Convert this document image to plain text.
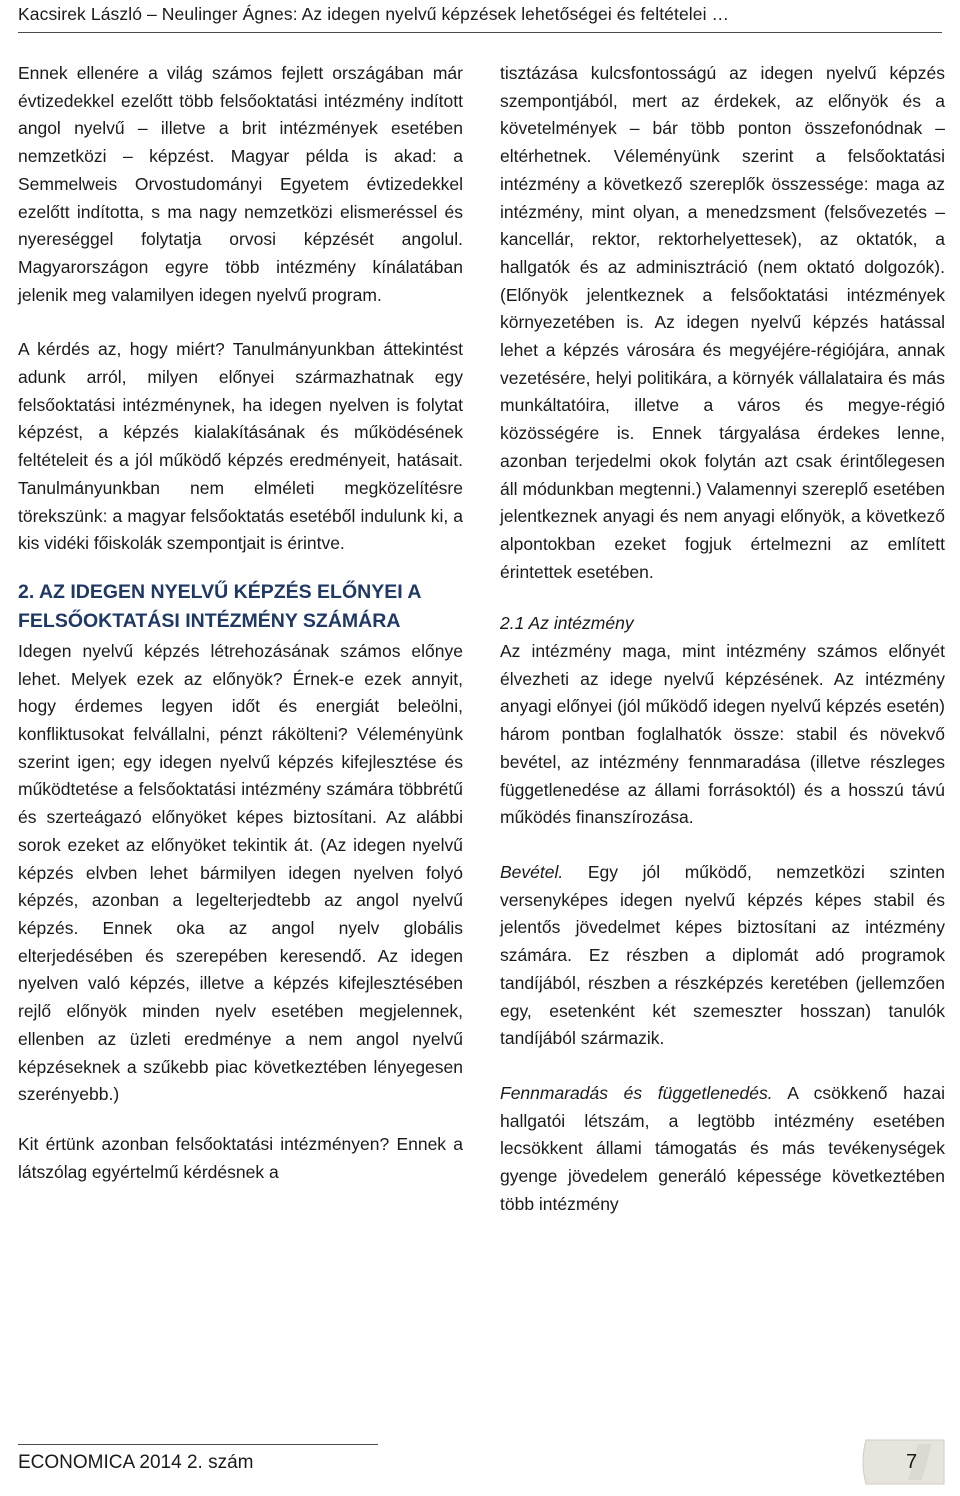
Kacsirek László – Neulinger Ágnes: Az idegen nyelvű képzések lehetőségei és feltételei …

Ennek ellenére a világ számos fejlett országában már évtizedekkel ezelőtt több felsőoktatási intézmény indított angol nyelvű – illetve a brit intézmények esetében nemzetközi – képzést. Magyar példa is akad: a Semmelweis Orvostudományi Egyetem évtizedekkel ezelőtt indította, s ma nagy nemzetközi elismeréssel és nyereséggel folytatja orvosi képzését angolul. Magyarországon egyre több intézmény kínálatában jelenik meg valamilyen idegen nyelvű program.

A kérdés az, hogy miért? Tanulmányunkban áttekintést adunk arról, milyen előnyei származhatnak egy felsőoktatási intézménynek, ha idegen nyelven is folytat képzést, a képzés kialakításának és működésének feltételeit és a jól működő képzés eredményeit, hatásait. Tanulmányunkban nem elméleti megközelítésre törekszünk: a magyar felsőoktatás esetéből indulunk ki, a kis vidéki főiskolák szempontjait is érintve.

2. AZ IDEGEN NYELVŰ KÉPZÉS ELŐNYEI A FELSŐOKTATÁSI INTÉZMÉNY SZÁMÁRA

Idegen nyelvű képzés létrehozásának számos előnye lehet. Melyek ezek az előnyök? Érnek-e ezek annyit, hogy érdemes legyen időt és energiát beleölni, konfliktusokat felvállalni, pénzt rákölteni? Véleményünk szerint igen; egy idegen nyelvű képzés kifejlesztése és működtetése a felsőoktatási intézmény számára többrétű és szerteágazó előnyöket képes biztosítani. Az alábbi sorok ezeket az előnyöket tekintik át. (Az idegen nyelvű képzés elvben lehet bármilyen idegen nyelven folyó képzés, azonban a legelterjedtebb az angol nyelvű képzés. Ennek oka az angol nyelv globális elterjedésében és szerepében keresendő. Az idegen nyelven való képzés, illetve a képzés kifejlesztésében rejlő előnyök minden nyelv esetében megjelennek, ellenben az üzleti eredménye a nem angol nyelvű képzéseknek a szűkebb piac következtében lényegesen szerényebb.)

Kit értünk azonban felsőoktatási intézményen? Ennek a látszólag egyértelmű kérdésnek a

tisztázása kulcsfontosságú az idegen nyelvű képzés szempontjából, mert az érdekek, az előnyök és a követelmények – bár több ponton összefonódnak – eltérhetnek. Véleményünk szerint a felsőoktatási intézmény a következő szereplők összessége: maga az intézmény, mint olyan, a menedzsment (felsővezetés – kancellár, rektor, rektorhelyettesek), az oktatók, a hallgatók és az adminisztráció (nem oktató dolgozók). (Előnyök jelentkeznek a felsőoktatási intézmények környezetében is. Az idegen nyelvű képzés hatással lehet a képzés városára és megyéjére-régiójára, annak vezetésére, helyi politikára, a környék vállalataira és más munkáltatóira, illetve a város és megye-régió közösségére is. Ennek tárgyalása érdekes lenne, azonban terjedelmi okok folytán azt csak érintőlegesen áll módunkban megtenni.) Valamennyi szereplő esetében jelentkeznek anyagi és nem anyagi előnyök, a következő alpontokban ezeket fogjuk értelmezni az említett érintettek esetében.

2.1 Az intézmény

Az intézmény maga, mint intézmény számos előnyét élvezheti az idege nyelvű képzésének. Az intézmény anyagi előnyei (jól működő idegen nyelvű képzés esetén) három pontban foglalhatók össze: stabil és növekvő bevétel, az intézmény fennmaradása (illetve részleges függetlenedése az állami forrásoktól) és a hosszú távú működés finanszírozása.

Bevétel. Egy jól működő, nemzetközi szinten versenyképes idegen nyelvű képzés képes stabil és jelentős jövedelmet képes biztosítani az intézmény számára. Ez részben a diplomát adó programok tandíjából, részben a részképzés keretében (jellemzően egy, esetenként két szemeszter hosszan) tanulók tandíjából származik.

Fennmaradás és függetlenedés. A csökkenő hazai hallgatói létszám, a legtöbb intézmény esetében lecsökkent állami támogatás és más tevékenységek gyenge jövedelem generáló képessége következtében több intézmény

ECONOMICA 2014 2. szám	7
